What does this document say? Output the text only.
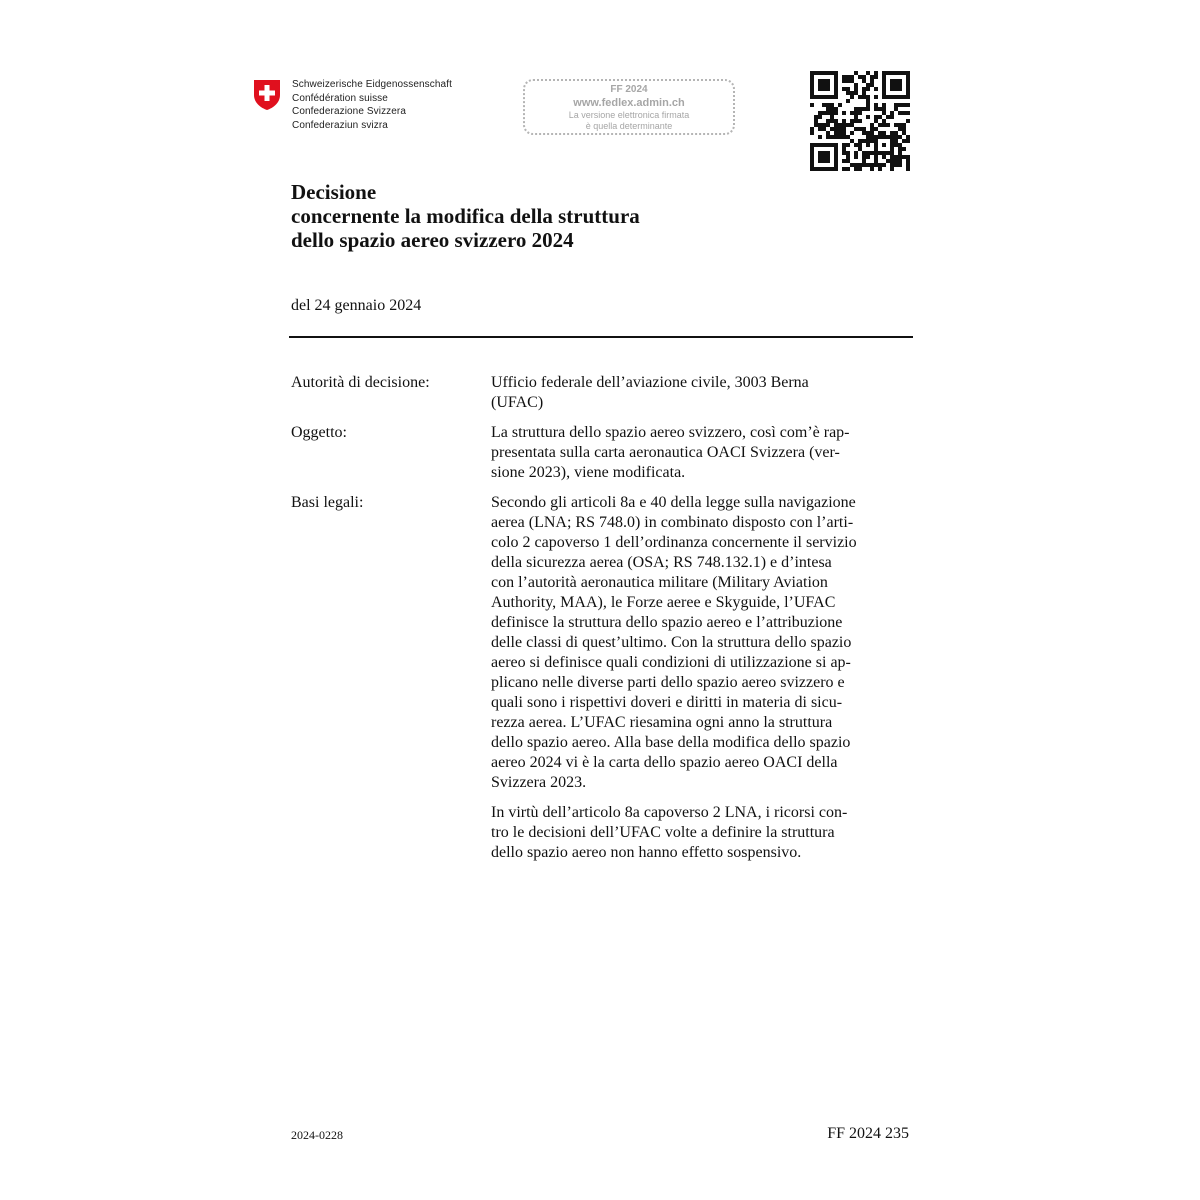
Schweizerische Eidgenossenschaft
Confédération suisse
Confederazione Svizzera
Confederaziun svizra
FF 2024
www.fedlex.admin.ch
La versione elettronica firmata
è quella determinante
Decisione
concernente la modifica della struttura
dello spazio aereo svizzero 2024
del 24 gennaio 2024
Autorità di decisione:	Ufficio federale dell’aviazione civile, 3003 Berna
(UFAC)

Oggetto:	La struttura dello spazio aereo svizzero, così com’è rap-
presentata sulla carta aeronautica OACI Svizzera (ver-
sione 2023), viene modificata.

Basi legali:	Secondo gli articoli 8a e 40 della legge sulla navigazione
aerea (LNA; RS 748.0) in combinato disposto con l’arti-
colo 2 capoverso 1 dell’ordinanza concernente il servizio
della sicurezza aerea (OSA; RS 748.132.1) e d’intesa
con l’autorità aeronautica militare (Military Aviation
Authority, MAA), le Forze aeree e Skyguide, l’UFAC
definisce la struttura dello spazio aereo e l’attribuzione
delle classi di quest’ultimo. Con la struttura dello spazio
aereo si definisce quali condizioni di utilizzazione si ap-
plicano nelle diverse parti dello spazio aereo svizzero e
quali sono i rispettivi doveri e diritti in materia di sicu-
rezza aerea. L’UFAC riesamina ogni anno la struttura
dello spazio aereo. Alla base della modifica dello spazio
aereo 2024 vi è la carta dello spazio aereo OACI della
Svizzera 2023.

In virtù dell’articolo 8a capoverso 2 LNA, i ricorsi con-
tro le decisioni dell’UFAC volte a definire la struttura
dello spazio aereo non hanno effetto sospensivo.

2024-0228	FF 2024 235
